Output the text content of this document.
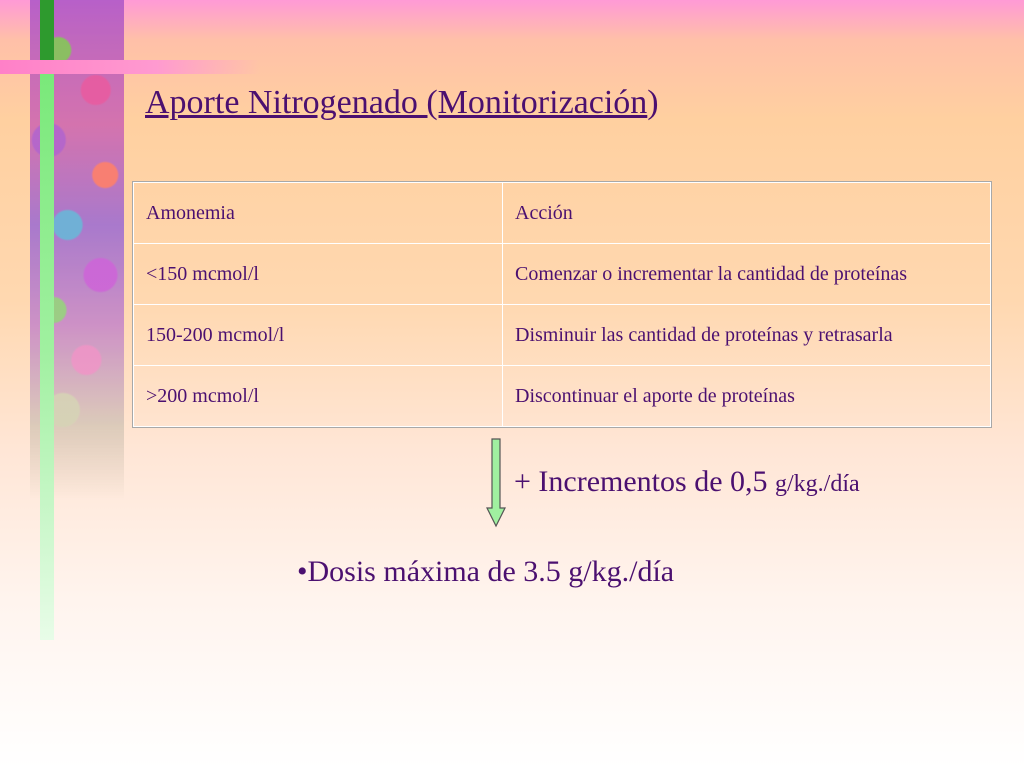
Aporte Nitrogenado (Monitorización)
Amonemia	Acción
<150 mcmol/l	Comenzar o incrementar la cantidad de proteínas
150-200 mcmol/l	Disminuir las cantidad de proteínas y retrasarla
>200 mcmol/l	Discontinuar el aporte de proteínas
+ Incrementos de 0,5 g/kg./día
•Dosis máxima de 3.5 g/kg./día
